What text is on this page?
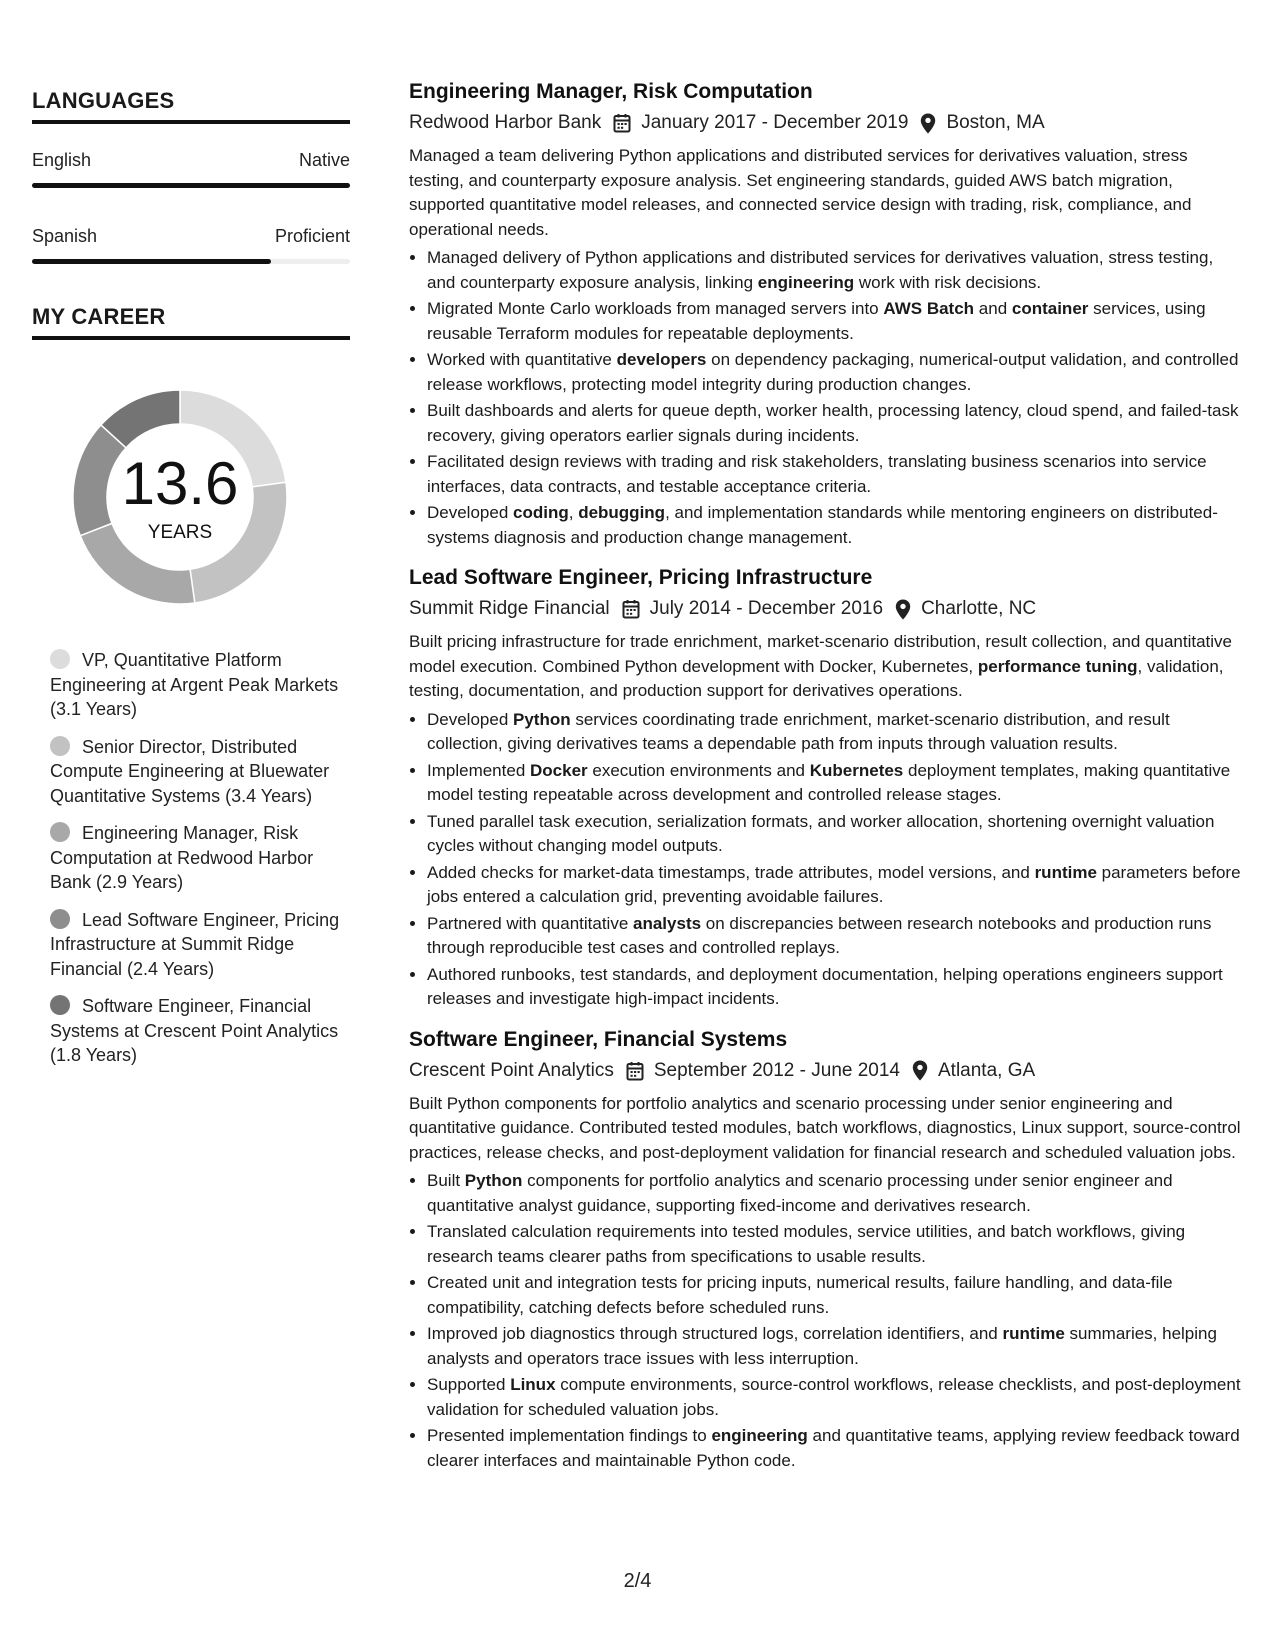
LANGUAGES
English	Native
Spanish	Proficient
MY CAREER
13.6
YEARS
VP, Quantitative Platform Engineering at Argent Peak Markets (3.1 Years)
Senior Director, Distributed Compute Engineering at Bluewater Quantitative Systems (3.4 Years)
Engineering Manager, Risk Computation at Redwood Harbor Bank (2.9 Years)
Lead Software Engineer, Pricing Infrastructure at Summit Ridge Financial (2.4 Years)
Software Engineer, Financial Systems at Crescent Point Analytics (1.8 Years)
Engineering Manager, Risk Computation
Redwood Harbor Bank January 2017 - December 2019 Boston, MA

Managed a team delivering Python applications and distributed services for derivatives valuation, stress testing, and counterparty exposure analysis. Set engineering standards, guided AWS batch migration, supported quantitative model releases, and connected service design with trading, risk, compliance, and operational needs.

• Managed delivery of Python applications and distributed services for derivatives valuation, stress testing, and counterparty exposure analysis, linking engineering work with risk decisions.
• Migrated Monte Carlo workloads from managed servers into AWS Batch and container services, using reusable Terraform modules for repeatable deployments.
• Worked with quantitative developers on dependency packaging, numerical-output validation, and controlled release workflows, protecting model integrity during production changes.
• Built dashboards and alerts for queue depth, worker health, processing latency, cloud spend, and failed-task recovery, giving operators earlier signals during incidents.
• Facilitated design reviews with trading and risk stakeholders, translating business scenarios into service interfaces, data contracts, and testable acceptance criteria.
• Developed coding, debugging, and implementation standards while mentoring engineers on distributed-systems diagnosis and production change management.
Lead Software Engineer, Pricing Infrastructure
Summit Ridge Financial July 2014 - December 2016 Charlotte, NC

Built pricing infrastructure for trade enrichment, market-scenario distribution, result collection, and quantitative model execution. Combined Python development with Docker, Kubernetes, performance tuning, validation, testing, documentation, and production support for derivatives operations.

• Developed Python services coordinating trade enrichment, market-scenario distribution, and result collection, giving derivatives teams a dependable path from inputs through valuation results.
• Implemented Docker execution environments and Kubernetes deployment templates, making quantitative model testing repeatable across development and controlled release stages.
• Tuned parallel task execution, serialization formats, and worker allocation, shortening overnight valuation cycles without changing model outputs.
• Added checks for market-data timestamps, trade attributes, model versions, and runtime parameters before jobs entered a calculation grid, preventing avoidable failures.
• Partnered with quantitative analysts on discrepancies between research notebooks and production runs through reproducible test cases and controlled replays.
• Authored runbooks, test standards, and deployment documentation, helping operations engineers support releases and investigate high-impact incidents.
Software Engineer, Financial Systems
Crescent Point Analytics September 2012 - June 2014 Atlanta, GA

Built Python components for portfolio analytics and scenario processing under senior engineering and quantitative guidance. Contributed tested modules, batch workflows, diagnostics, Linux support, source-control practices, release checks, and post-deployment validation for financial research and scheduled valuation jobs.

• Built Python components for portfolio analytics and scenario processing under senior engineer and quantitative analyst guidance, supporting fixed-income and derivatives research.
• Translated calculation requirements into tested modules, service utilities, and batch workflows, giving research teams clearer paths from specifications to usable results.
• Created unit and integration tests for pricing inputs, numerical results, failure handling, and data-file compatibility, catching defects before scheduled runs.
• Improved job diagnostics through structured logs, correlation identifiers, and runtime summaries, helping analysts and operators trace issues with less interruption.
• Supported Linux compute environments, source-control workflows, release checklists, and post-deployment validation for scheduled valuation jobs.
• Presented implementation findings to engineering and quantitative teams, applying review feedback toward clearer interfaces and maintainable Python code.
2/4
